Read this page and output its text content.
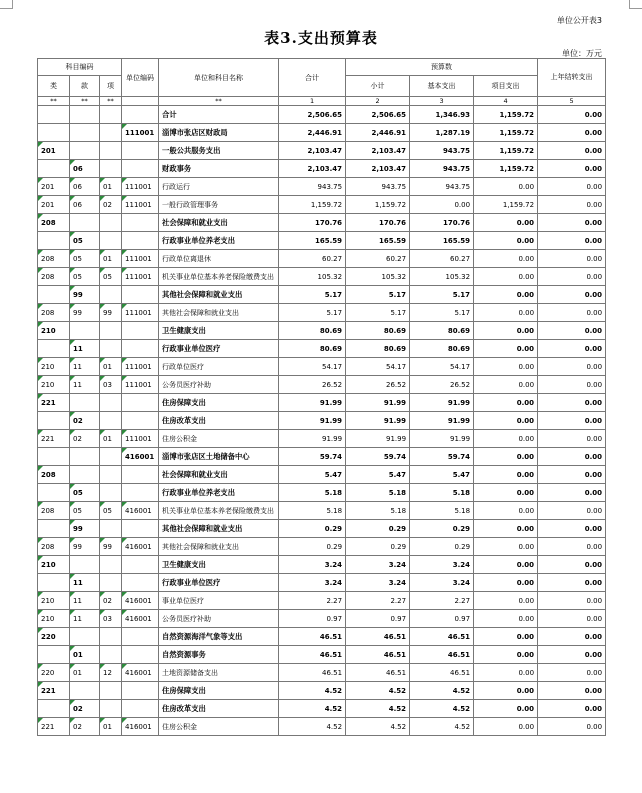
单位公开表3
表3.支出预算表
单位：万元
科目编码			单位编码	单位和科目名称	合计	预算数			上年结转支出
						小计	基本支出	项目支出	
类	款	项							
**	**	**		**	1	2	3	4	5
				合计	2,506.65	2,506.65	1,346.93	1,159.72	0.00
			111001	淄博市张店区财政局	2,446.91	2,446.91	1,287.19	1,159.72	0.00
201				一般公共服务支出	2,103.47	2,103.47	943.75	1,159.72	0.00
	06			财政事务	2,103.47	2,103.47	943.75	1,159.72	0.00
201	06	01	111001	行政运行	943.75	943.75	943.75	0.00	0.00
201	06	02	111001	一般行政管理事务	1,159.72	1,159.72	0.00	1,159.72	0.00
208				社会保障和就业支出	170.76	170.76	170.76	0.00	0.00
	05			行政事业单位养老支出	165.59	165.59	165.59	0.00	0.00
208	05	01	111001	行政单位离退休	60.27	60.27	60.27	0.00	0.00
208	05	05	111001	机关事业单位基本养老保险缴费支出	105.32	105.32	105.32	0.00	0.00
	99			其他社会保障和就业支出	5.17	5.17	5.17	0.00	0.00
208	99	99	111001	其他社会保障和就业支出	5.17	5.17	5.17	0.00	0.00
210				卫生健康支出	80.69	80.69	80.69	0.00	0.00
	11			行政事业单位医疗	80.69	80.69	80.69	0.00	0.00
210	11	01	111001	行政单位医疗	54.17	54.17	54.17	0.00	0.00
210	11	03	111001	公务员医疗补助	26.52	26.52	26.52	0.00	0.00
221				住房保障支出	91.99	91.99	91.99	0.00	0.00
	02			住房改革支出	91.99	91.99	91.99	0.00	0.00
221	02	01	111001	住房公积金	91.99	91.99	91.99	0.00	0.00
			416001	淄博市张店区土地储备中心	59.74	59.74	59.74	0.00	0.00
208				社会保障和就业支出	5.47	5.47	5.47	0.00	0.00
	05			行政事业单位养老支出	5.18	5.18	5.18	0.00	0.00
208	05	05	416001	机关事业单位基本养老保险缴费支出	5.18	5.18	5.18	0.00	0.00
	99			其他社会保障和就业支出	0.29	0.29	0.29	0.00	0.00
208	99	99	416001	其他社会保障和就业支出	0.29	0.29	0.29	0.00	0.00
210				卫生健康支出	3.24	3.24	3.24	0.00	0.00
	11			行政事业单位医疗	3.24	3.24	3.24	0.00	0.00
210	11	02	416001	事业单位医疗	2.27	2.27	2.27	0.00	0.00
210	11	03	416001	公务员医疗补助	0.97	0.97	0.97	0.00	0.00
220				自然资源海洋气象等支出	46.51	46.51	46.51	0.00	0.00
	01			自然资源事务	46.51	46.51	46.51	0.00	0.00
220	01	12	416001	土地资源储备支出	46.51	46.51	46.51	0.00	0.00
221				住房保障支出	4.52	4.52	4.52	0.00	0.00
	02			住房改革支出	4.52	4.52	4.52	0.00	0.00
221	02	01	416001	住房公积金	4.52	4.52	4.52	0.00	0.00
